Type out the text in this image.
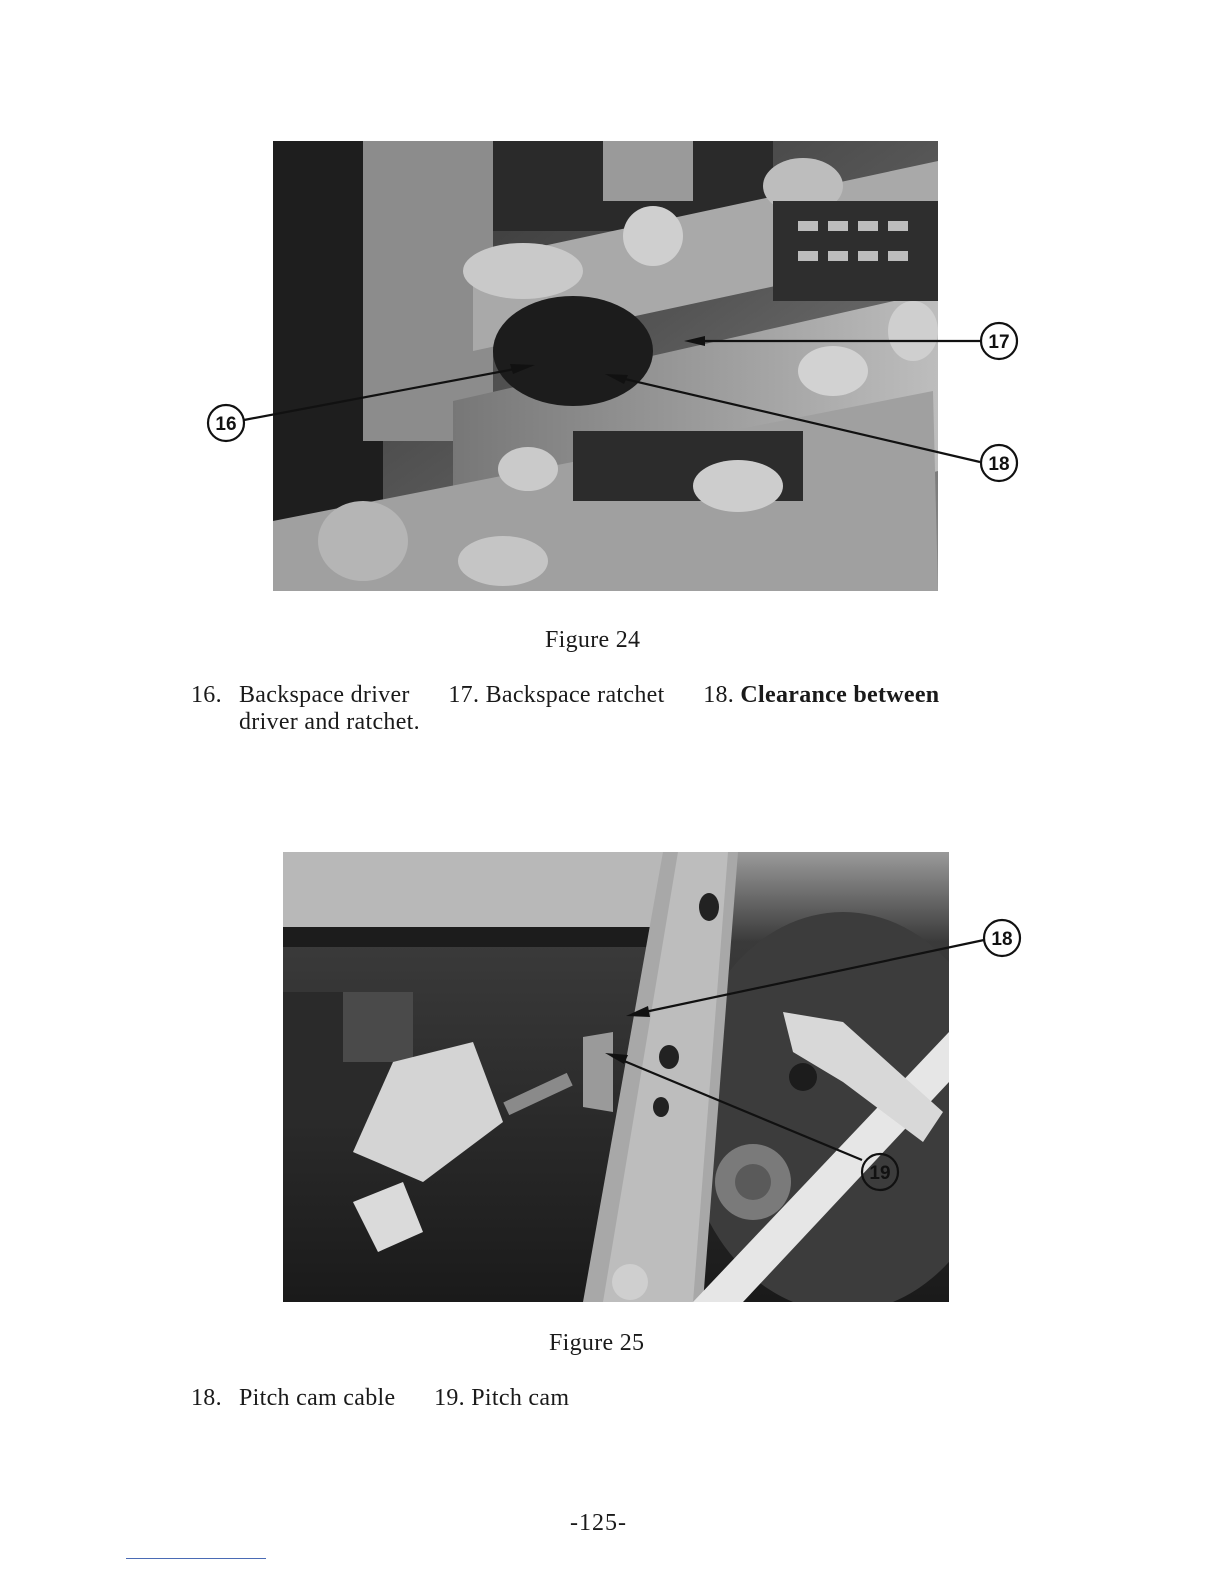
16
17
18
Figure 24
16. Backspace driver 17. Backspace ratchet 18. Clearance between
driver and ratchet.
18
19
Figure 25
18. Pitch cam cable 19. Pitch cam
-125-
